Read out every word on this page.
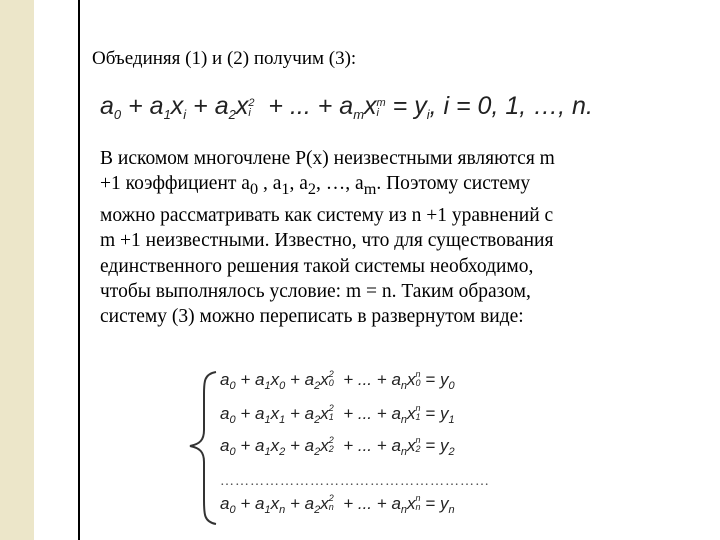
Объединяя (1) и (2) получим (3):
$a_0 + a_1x_i + a_2x2$
i + ... + $a_mxm$
$i = y_i$, i = 0, 1, …, n.
В искомом многочлене P(x) неизвестными являются m
+1 коэффициент $a_0$ , $a_1$, $a_2$, …, $a_m$. Поэтому систему
можно рассматривать как систему из n +1 уравнений с
m +1 неизвестными. Известно, что для существования
единственного решения такой системы необходимо,
чтобы выполнялось условие: m = n. Таким образом,
систему (3) можно переписать в развернутом виде:
$a_0 + a_1x_0 + a_2x2$
0 + ... + $a_nxn$
$0 = y_0$
$a_0 + a_1x_1 + a_2x2$
1 + ... + $a_nxn$
$1 = y_1$
$a_0 + a_1x_2 + a_2x2$
2 + ... + $a_nxn$
$2 = y_2$
………………………………………………
$a_0 + a_1x_n + a_2x2$
n + ... + $a_nxn$
$n = y_n$
